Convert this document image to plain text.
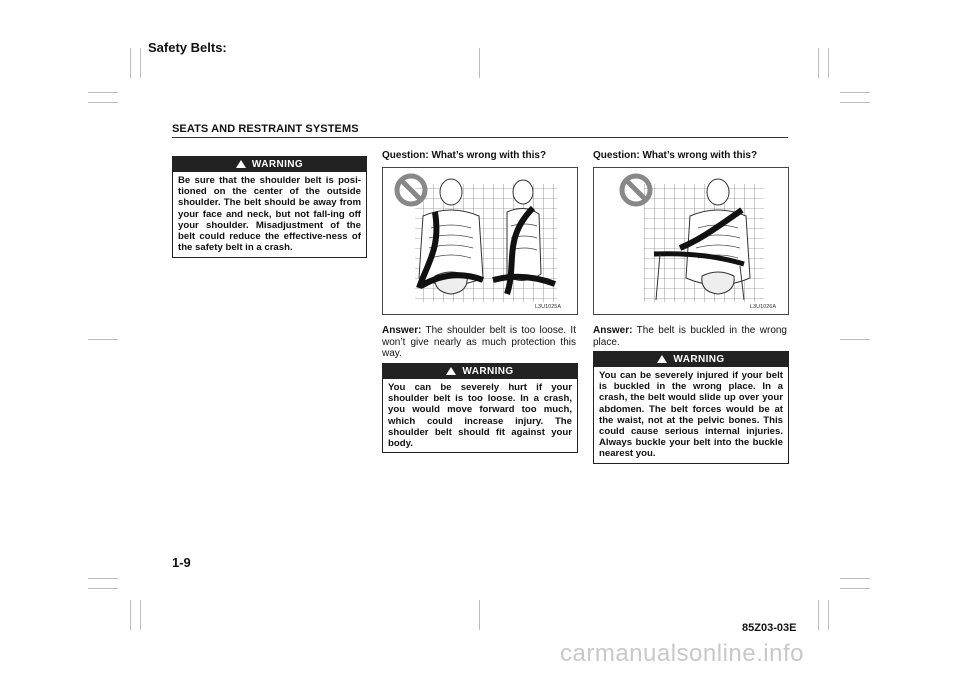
Safety Belts:
SEATS AND RESTRAINT SYSTEMS
WARNING
Be sure that the shoulder belt is posi-tioned on the center of the outside shoulder. The belt should be away from your face and neck, but not fall-ing off your shoulder. Misadjustment of the belt could reduce the effective-ness of the safety belt in a crash.
Question: What’s wrong with this?
L3U1025A
Answer: The shoulder belt is too loose. It won’t give nearly as much protection this way.
WARNING
You can be severely hurt if your shoulder belt is too loose. In a crash, you would move forward too much, which could increase injury. The shoulder belt should fit against your body.
Question: What’s wrong with this?
L3U1026A
Answer: The belt is buckled in the wrong place.
WARNING
You can be severely injured if your belt is buckled in the wrong place. In a crash, the belt would slide up over your abdomen. The belt forces would be at the waist, not at the pelvic bones. This could cause serious internal injuries. Always buckle your belt into the buckle nearest you.
1-9
85Z03-03E
carmanualsonline.info
